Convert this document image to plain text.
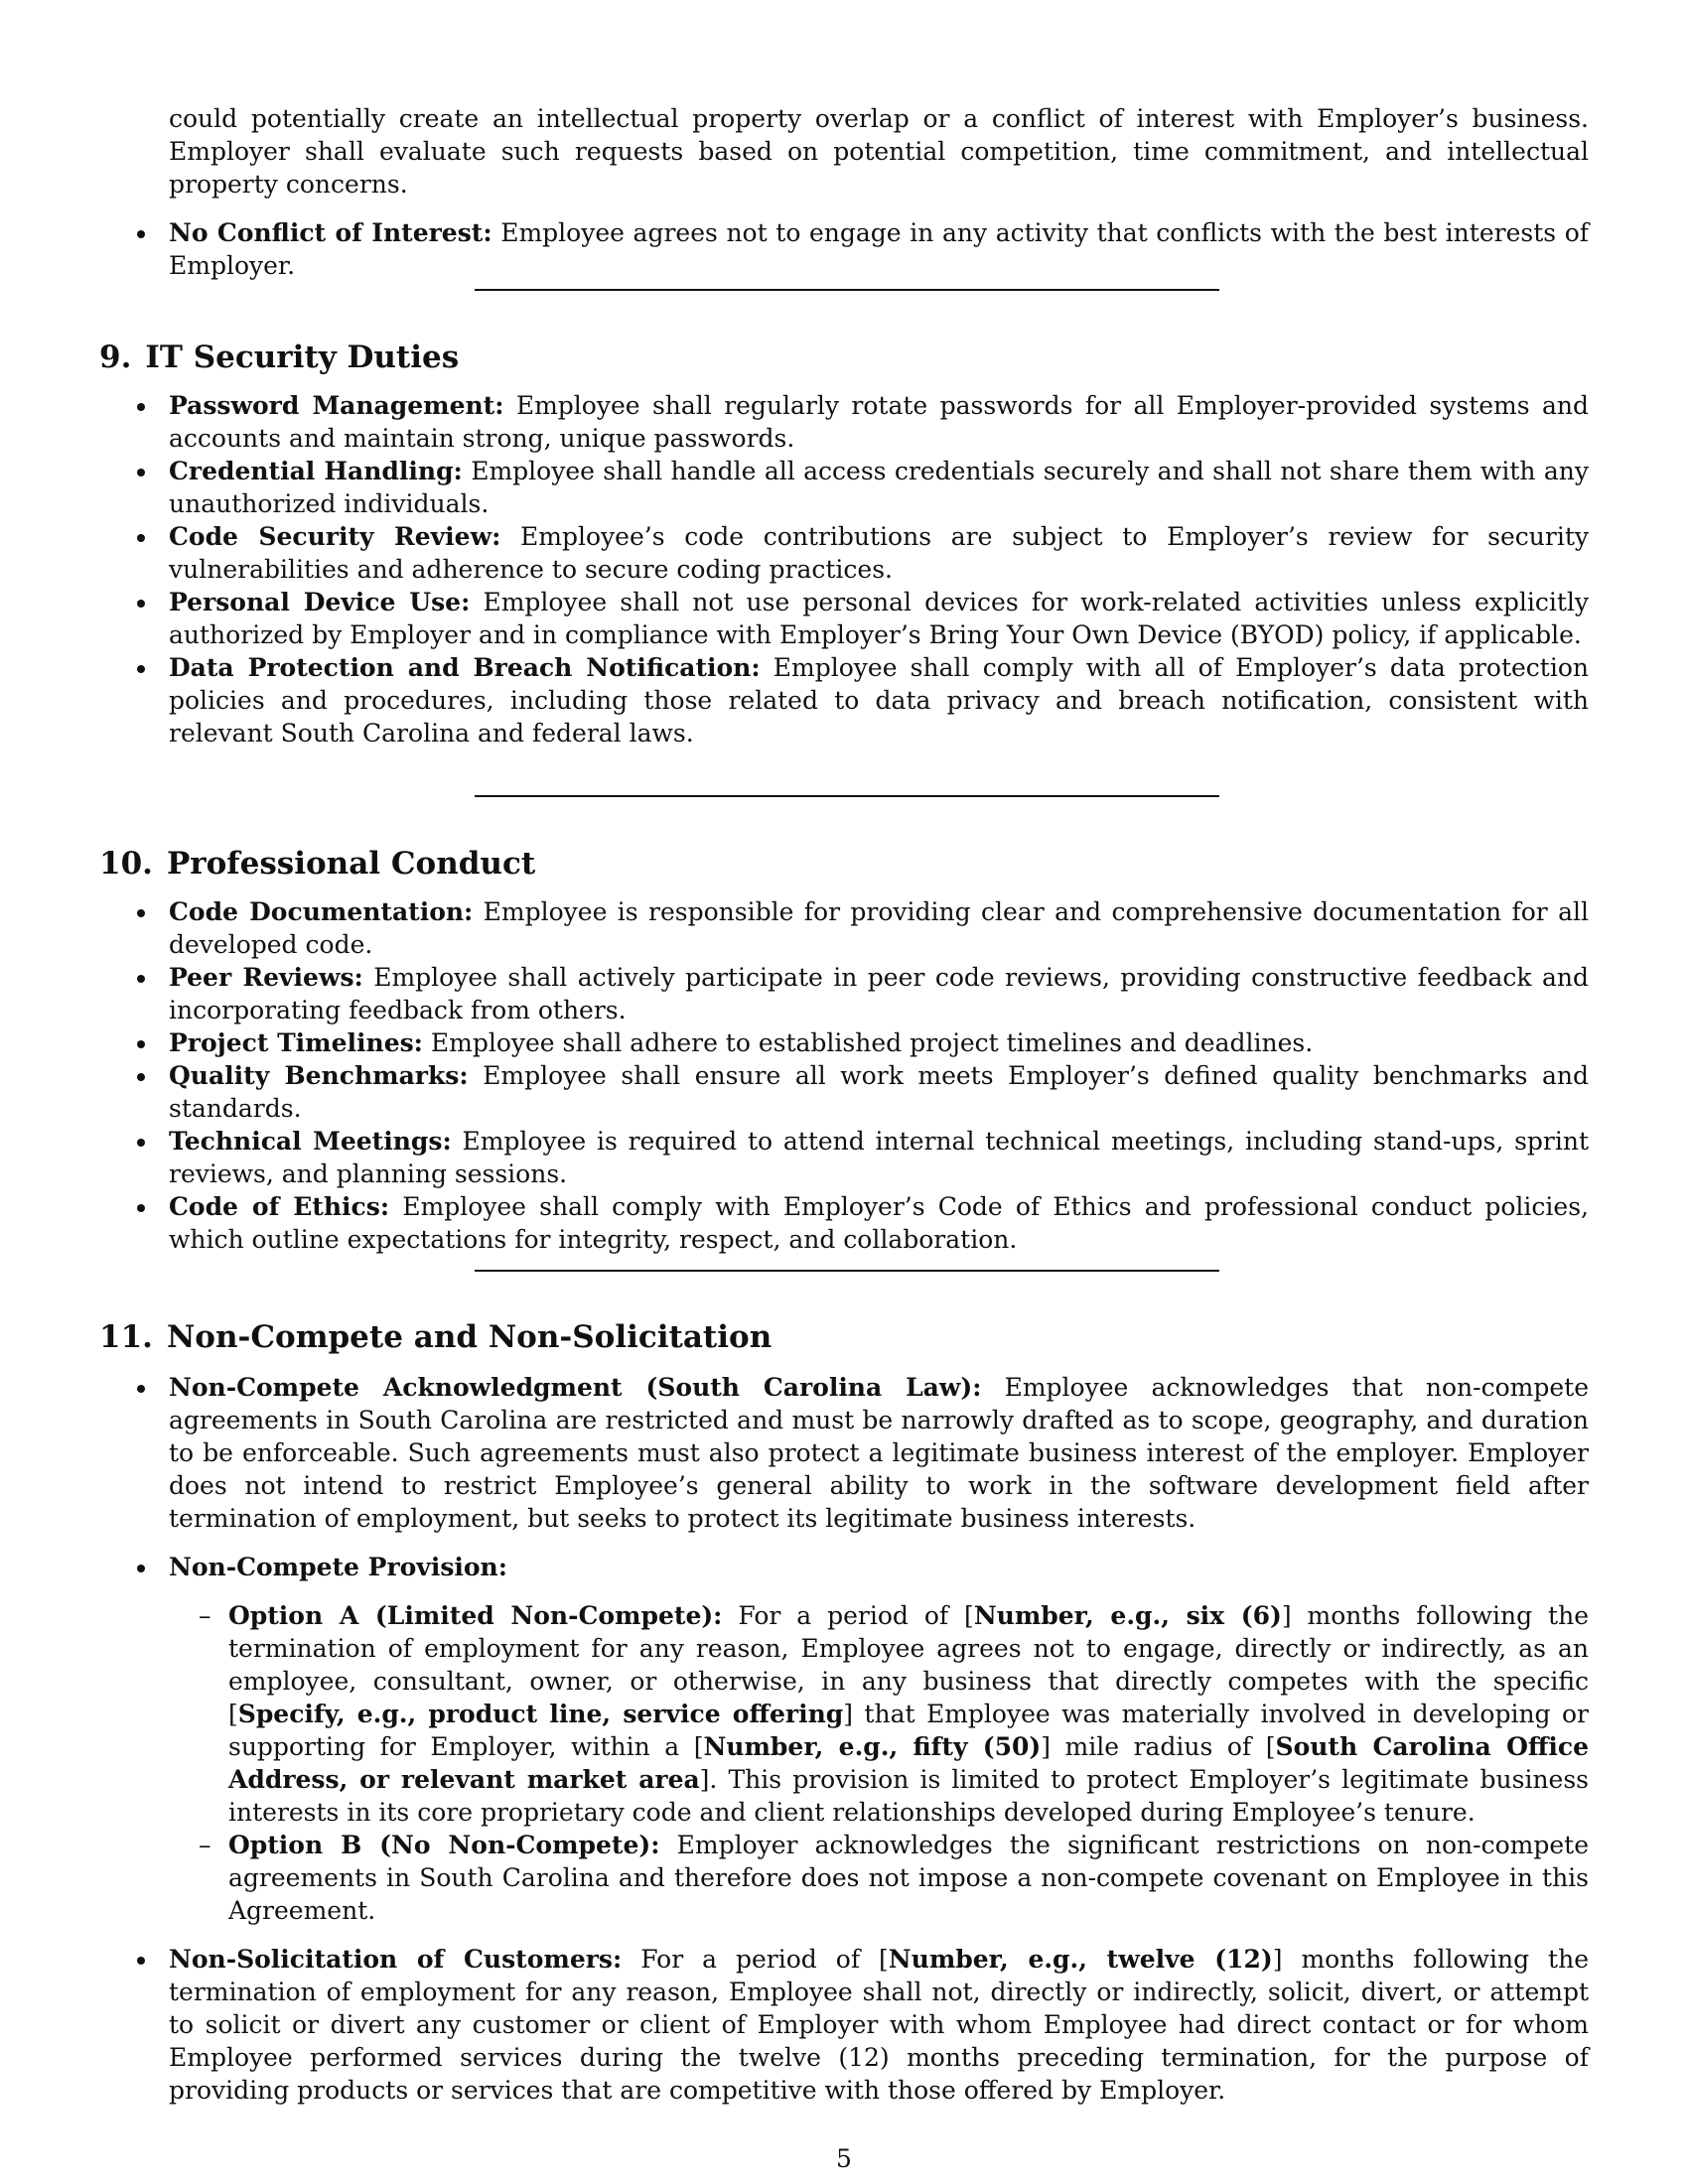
could potentially create an intellectual property overlap or a conflict of interest with Employer’s business. Employer shall evaluate such requests based on potential competition, time commitment, and intellectual property concerns.

No Conflict of Interest: Employee agrees not to engage in any activity that conflicts with the best interests of Employer.
9. IT Security Duties
Password Management: Employee shall regularly rotate passwords for all Employer-provided systems and accounts and maintain strong, unique passwords.
Credential Handling: Employee shall handle all access credentials securely and shall not share them with any unauthorized individuals.
Code Security Review: Employee’s code contributions are subject to Employer’s review for security vulnerabilities and adherence to secure coding practices.
Personal Device Use: Employee shall not use personal devices for work-related activities unless explicitly authorized by Employer and in compliance with Employer’s Bring Your Own Device (BYOD) policy, if applicable.
Data Protection and Breach Notification: Employee shall comply with all of Employer’s data protection policies and procedures, including those related to data privacy and breach notification, consistent with relevant South Carolina and federal laws.
10. Professional Conduct
Code Documentation: Employee is responsible for providing clear and comprehensive documentation for all developed code.
Peer Reviews: Employee shall actively participate in peer code reviews, providing constructive feedback and incorporating feedback from others.
Project Timelines: Employee shall adhere to established project timelines and deadlines.
Quality Benchmarks: Employee shall ensure all work meets Employer’s defined quality benchmarks and standards.
Technical Meetings: Employee is required to attend internal technical meetings, including stand-ups, sprint reviews, and planning sessions.
Code of Ethics: Employee shall comply with Employer’s Code of Ethics and professional conduct policies, which outline expectations for integrity, respect, and collaboration.
11. Non-Compete and Non-Solicitation
Non-Compete Acknowledgment (South Carolina Law): Employee acknowledges that non-compete agreements in South Carolina are restricted and must be narrowly drafted as to scope, geography, and duration to be enforceable. Such agreements must also protect a legitimate business interest of the employer. Employer does not intend to restrict Employee’s general ability to work in the software development field after termination of employment, but seeks to protect its legitimate business interests.
Non-Compete Provision:
– Option A (Limited Non-Compete): For a period of [Number, e.g., six (6)] months following the termination of employment for any reason, Employee agrees not to engage, directly or indirectly, as an employee, consultant, owner, or otherwise, in any business that directly competes with the specific [Specify, e.g., product line, service offering] that Employee was materially involved in developing or supporting for Employer, within a [Number, e.g., fifty (50)] mile radius of [South Carolina Office Address, or relevant market area]. This provision is limited to protect Employer’s legitimate business interests in its core proprietary code and client relationships developed during Employee’s tenure.
– Option B (No Non-Compete): Employer acknowledges the significant restrictions on non-compete agreements in South Carolina and therefore does not impose a non-compete covenant on Employee in this Agreement.
Non-Solicitation of Customers: For a period of [Number, e.g., twelve (12)] months following the termination of employment for any reason, Employee shall not, directly or indirectly, solicit, divert, or attempt to solicit or divert any customer or client of Employer with whom Employee had direct contact or for whom Employee performed services during the twelve (12) months preceding termination, for the purpose of providing products or services that are competitive with those offered by Employer.
5
